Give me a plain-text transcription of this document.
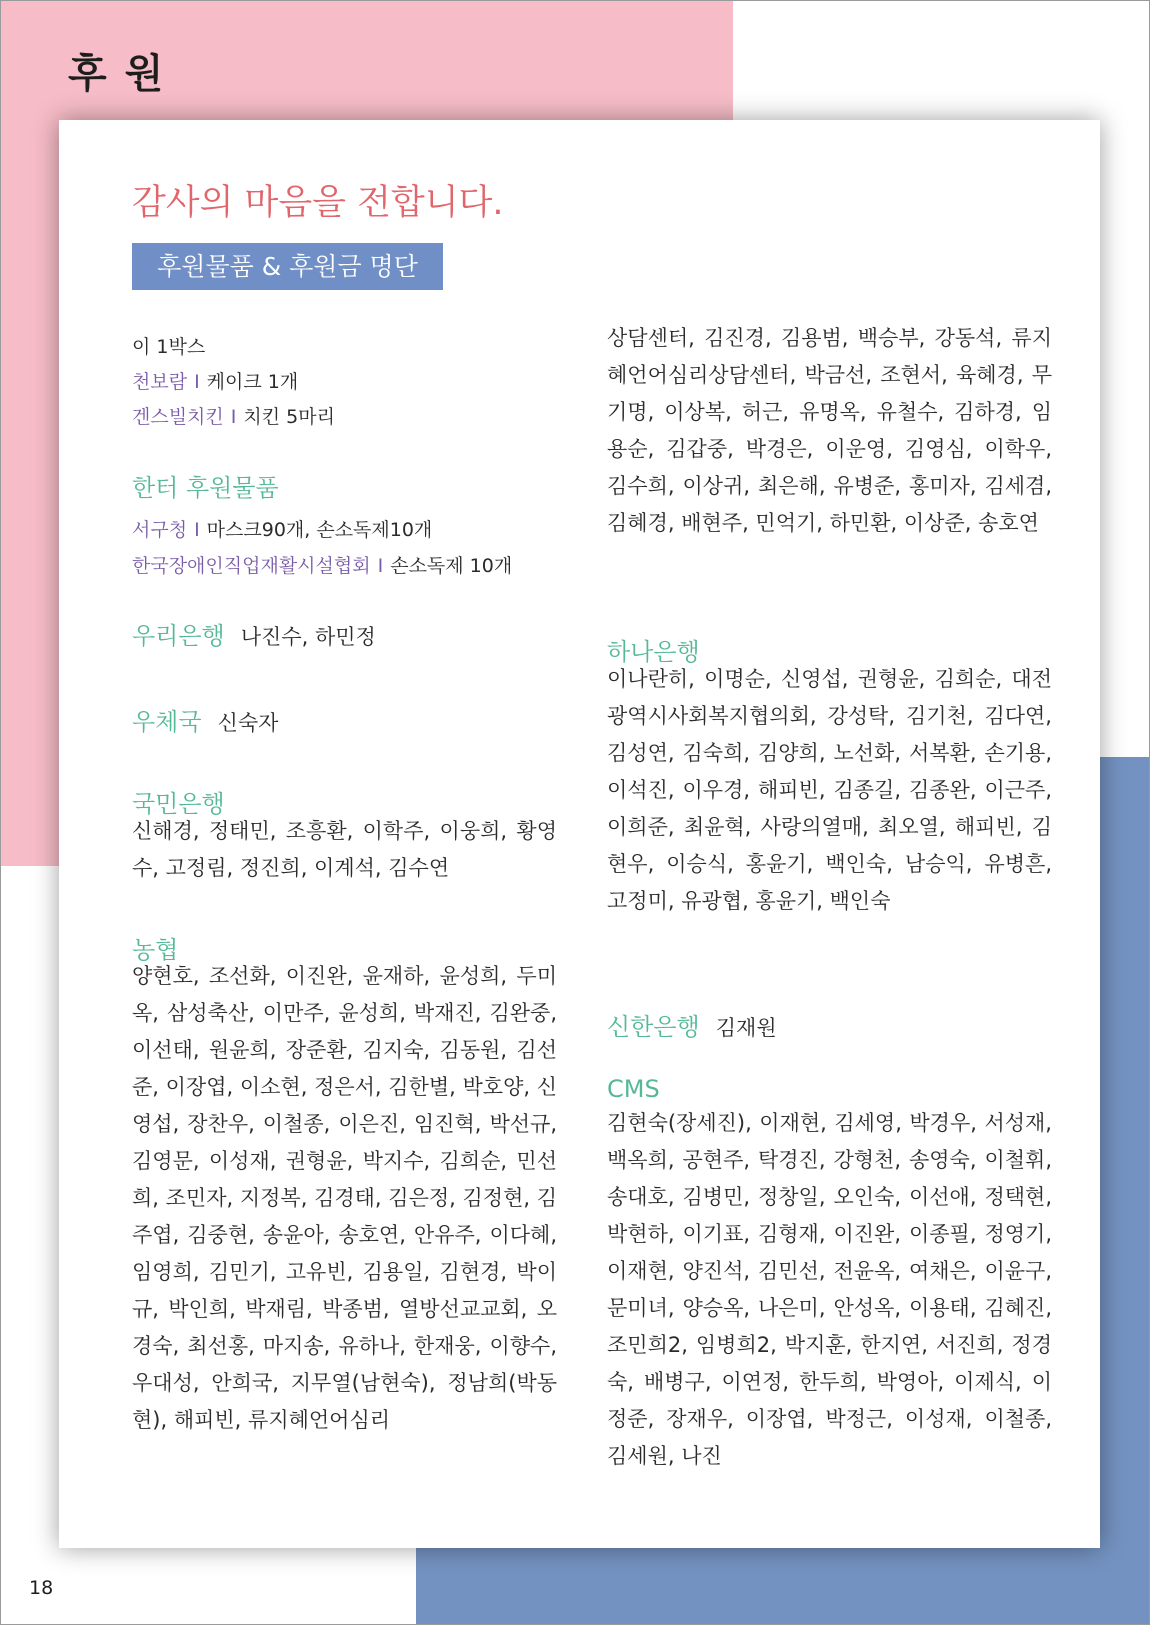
후 원
감사의 마음을 전합니다.
후원물품 & 후원금 명단
이 1박스
천보람 I 케이크 1개
겐스빌치킨 I 치킨 5마리
한터 후원물품
서구청 I 마스크90개, 손소독제10개
한국장애인직업재활시설협회 I 손소독제 10개
우리은행 나진수, 하민정
우체국 신숙자
국민은행

신해경, 정태민, 조흥환, 이학주, 이웅희, 황영수, 고정림, 정진희, 이계석, 김수연

농협

양현호, 조선화, 이진완, 윤재하, 윤성희, 두미옥, 삼성축산, 이만주, 윤성희, 박재진, 김완중, 이선태, 원윤희, 장준환, 김지숙, 김동원, 김선준, 이장엽, 이소현, 정은서, 김한별, 박호양, 신영섭, 장찬우, 이철종, 이은진, 임진혁, 박선규, 김영문, 이성재, 권형윤, 박지수, 김희순, 민선희, 조민자, 지정복, 김경태, 김은정, 김정현, 김주엽, 김중현, 송윤아, 송호연, 안유주, 이다혜, 임영희, 김민기, 고유빈, 김용일, 김현경, 박이규, 박인희, 박재림, 박종범, 열방선교교회, 오경숙, 최선홍, 마지송, 유하나, 한재웅, 이향수, 우대성, 안희국, 지무열(남현숙), 정남희(박동현), 해피빈, 류지혜언어심리

상담센터, 김진경, 김용범, 백승부, 강동석, 류지혜언어심리상담센터, 박금선, 조현서, 육혜경, 무기명, 이상복, 허근, 유명옥, 유철수, 김하경, 임용순, 김갑중, 박경은, 이운영, 김영심, 이학우, 김수희, 이상귀, 최은해, 유병준, 홍미자, 김세겸, 김혜경, 배현주, 민억기, 하민환, 이상준, 송호연

하나은행

이나란히, 이명순, 신영섭, 권형윤, 김희순, 대전광역시사회복지협의회, 강성탁, 김기천, 김다연, 김성연, 김숙희, 김양희, 노선화, 서복환, 손기용, 이석진, 이우경, 해피빈, 김종길, 김종완, 이근주, 이희준, 최윤혁, 사랑의열매, 최오열, 해피빈, 김현우, 이승식, 홍윤기, 백인숙, 남승익, 유병흔, 고정미, 유광협, 홍윤기, 백인숙

신한은행 김재원
CMS

김현숙(장세진), 이재현, 김세영, 박경우, 서성재, 백옥희, 공현주, 탁경진, 강형천, 송영숙, 이철휘, 송대호, 김병민, 정창일, 오인숙, 이선애, 정택현, 박현하, 이기표, 김형재, 이진완, 이종필, 정영기, 이재현, 양진석, 김민선, 전윤옥, 여채은, 이윤구, 문미녀, 양승옥, 나은미, 안성옥, 이용태, 김혜진, 조민희2, 임병희2, 박지훈, 한지연, 서진희, 정경숙, 배병구, 이연정, 한두희, 박영아, 이제식, 이정준, 장재우, 이장엽, 박정근, 이성재, 이철종, 김세원, 나진

18
